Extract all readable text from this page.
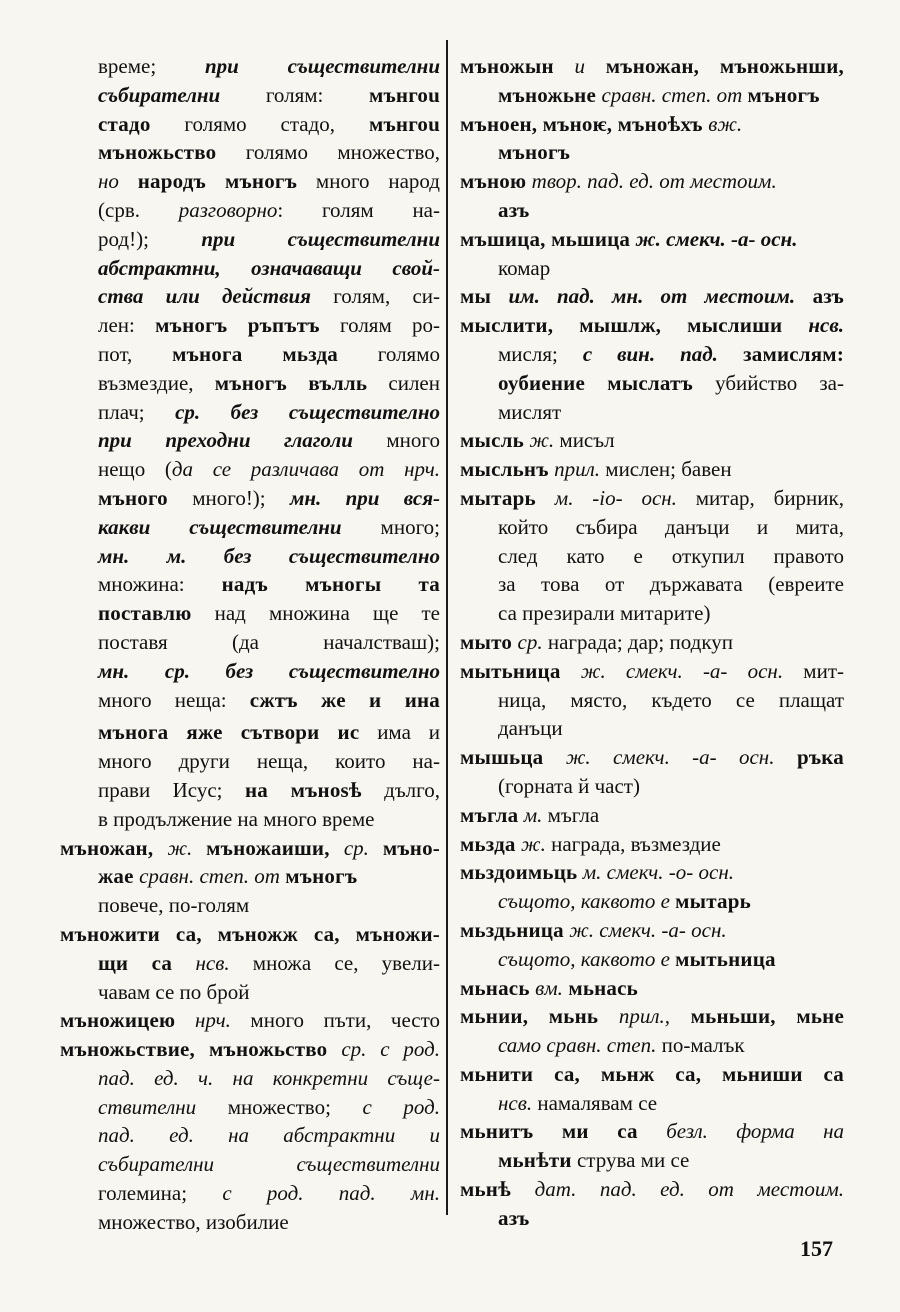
време; при съществителни
събирателни голям: мънгоu
стадо голямо стадо, мънгоu
мъножьство голямо множество,
но народъ мъногъ много народ
(срв. разговорно: голям на-
род!); при съществителни
абстрактни, означаващи свой-
ства или действия голям, си-
лен: мъногъ ръпътъ голям ро-
пот, мънога мьзда голямо
възмездие, мъногъ вълль силен
плач; ср. без съществително
при преходни глаголи много
нещо (да се различава от нрч.
мъного много!); мн. при вся-
какви съществителни много;
мн. м. без съществително
множина: надъ мъногы та
поставлю над множина ще те
поставя (да началстваш);
мн. ср. без съществително
много неща: сжтъ же и ина
мънога яже сътвори ис има и
много други неща, които на-
прави Исус; на мъноѕѣ дълго,
в продължение на много време
мъножан, ж. мъножаиши, ср. мъно-
жае сравн. степ. от мъногъ
повече, по-голям
мъножити са, мъножж са, мъножи-
щи са нсв. множа се, увели-
чавам се по брой
мъножицею нрч. много пъти, често
мъножьствие, мъножьство ср. с род.
пад. ед. ч. на конкретни съще-
ствителни множество; с род.
пад. ед. на абстрактни и
събирателни съществителни
големина; с род. пад. мн.
множество, изобилие
мъножын и мъножан, мъножьнши,
мъножьне сравн. степ. от мъногъ
мъноен, мъноѥ, мъноѣхъ вж.
мъногъ
мъною твор. пад. ед. от местоим.
азъ
мъшица, мьшица ж. смекч. -а- осн.
комар
мы им. пад. мн. от местоим. азъ
мыслити, мышлж, мыслиши нсв.
мисля; с вин. пад. замислям:
оубиение мыслатъ убийство за-
мислят
мысль ж. мисъл
мысльнъ прил. мислен; бавен
мытарь м. -io- осн. митар, бирник,
който събира данъци и мита,
след като е откупил правото
за това от държавата (евреите
са презирали митарите)
мыто ср. награда; дар; подкуп
мытьница ж. смекч. -а- осн. мит-
ница, място, където се плащат
данъци
мышьца ж. смекч. -а- осн. ръка
(горната й част)
мъгла м. мъгла
мьзда ж. награда, възмездие
мьздоимьць м. смекч. -о- осн.
същото, каквото е мытарь
мьздьница ж. смекч. -а- осн.
същото, каквото е мытьница
мьнась вм. мьнась
мьнии, мьнь прил., мьньши, мьне
само сравн. степ. по-малък
мьнити са, мьнж са, мьниши са
нсв. намалявам се
мьнитъ ми са безл. форма на
мьнѣти струва ми се
мьнѣ дат. пад. ед. от местоим.
азъ
157
